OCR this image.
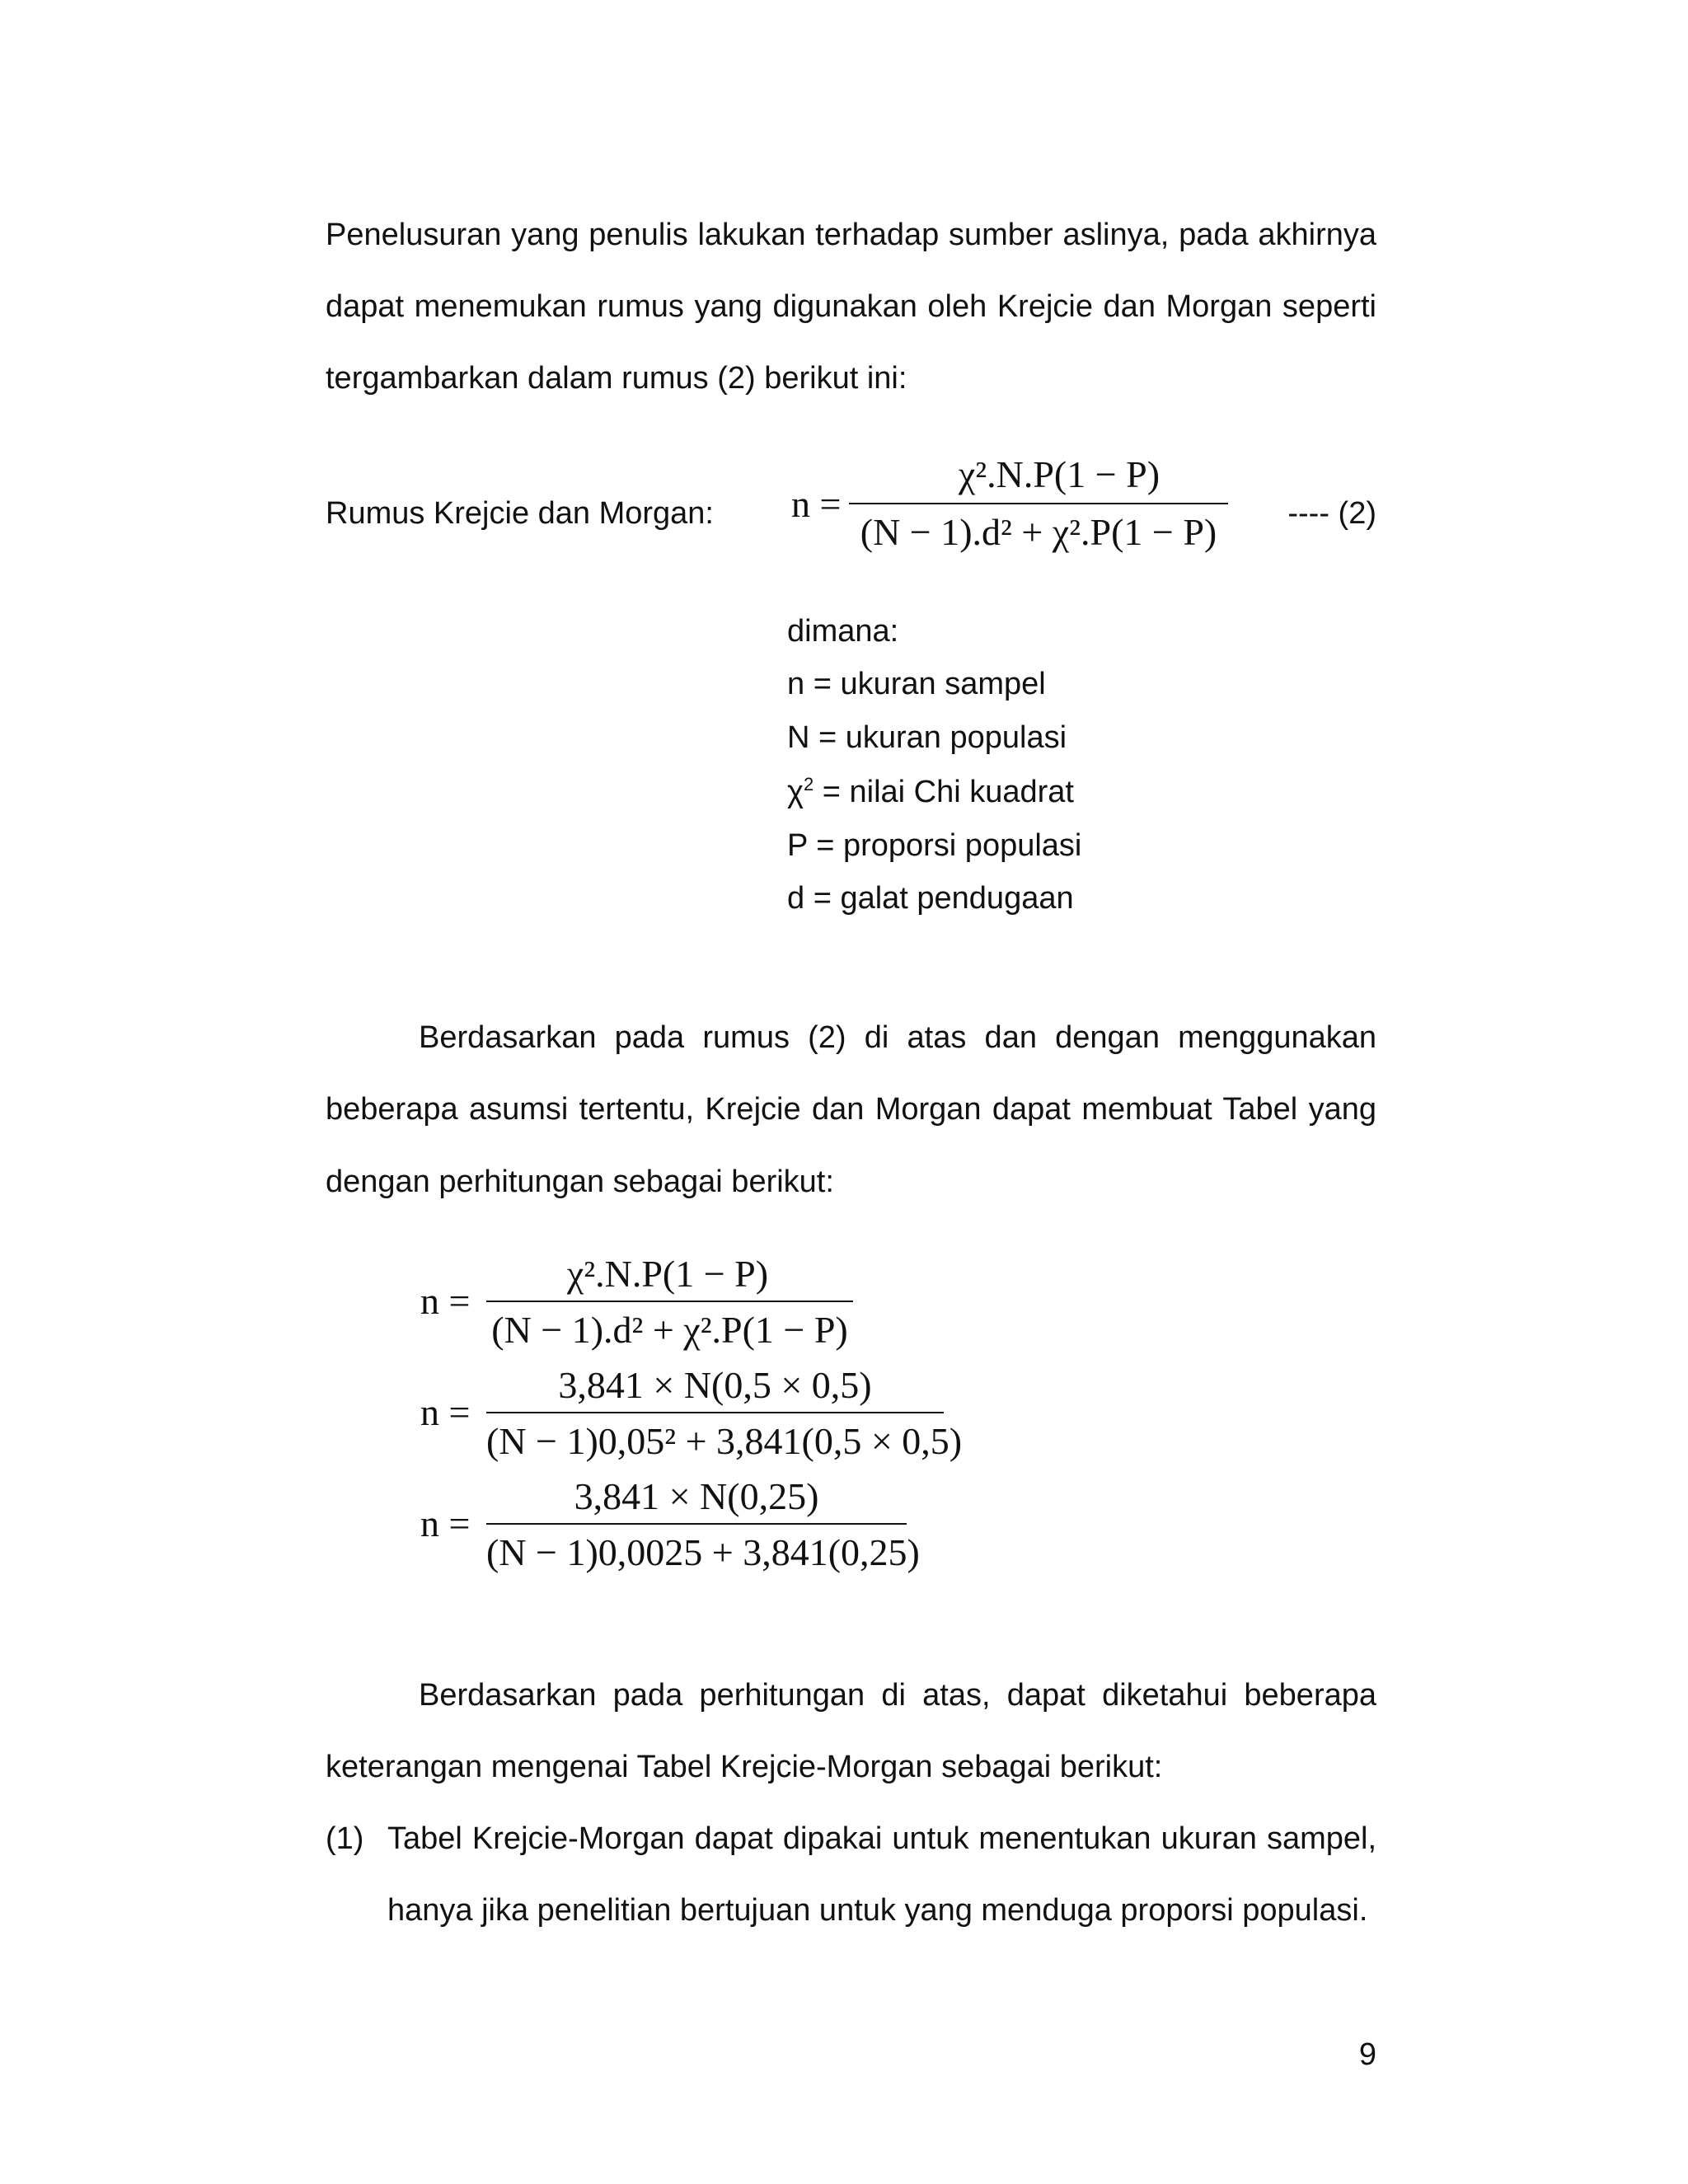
Penelusuran yang penulis lakukan terhadap sumber aslinya, pada akhirnya
dapat menemukan rumus yang digunakan oleh Krejcie dan Morgan seperti
tergambarkan dalam rumus (2) berikut ini:
Rumus Krejcie dan Morgan:	n =
χ².N.P(1 − P)
(N − 1).d² + χ².P(1 − P)	---- (2)
dimana:
n = ukuran sampel
N = ukuran populasi
$\chi^2$ = nilai Chi kuadrat
P = proporsi populasi
d = galat pendugaan
Berdasarkan pada rumus (2) di atas dan dengan menggunakan
beberapa asumsi tertentu, Krejcie dan Morgan dapat membuat Tabel yang
dengan perhitungan sebagai berikut:
n =
χ².N.P(1 − P)
(N − 1).d² + χ².P(1 − P)
n =
3,841 × N(0,5 × 0,5)
(N − 1)0,05² + 3,841(0,5 × 0,5)
n =
3,841 × N(0,25)
(N − 1)0,0025 + 3,841(0,25)
Berdasarkan pada perhitungan di atas, dapat diketahui beberapa
keterangan mengenai Tabel Krejcie-Morgan sebagai berikut:
(1) Tabel Krejcie-Morgan dapat dipakai untuk menentukan ukuran sampel,
hanya jika penelitian bertujuan untuk yang menduga proporsi populasi.
9
